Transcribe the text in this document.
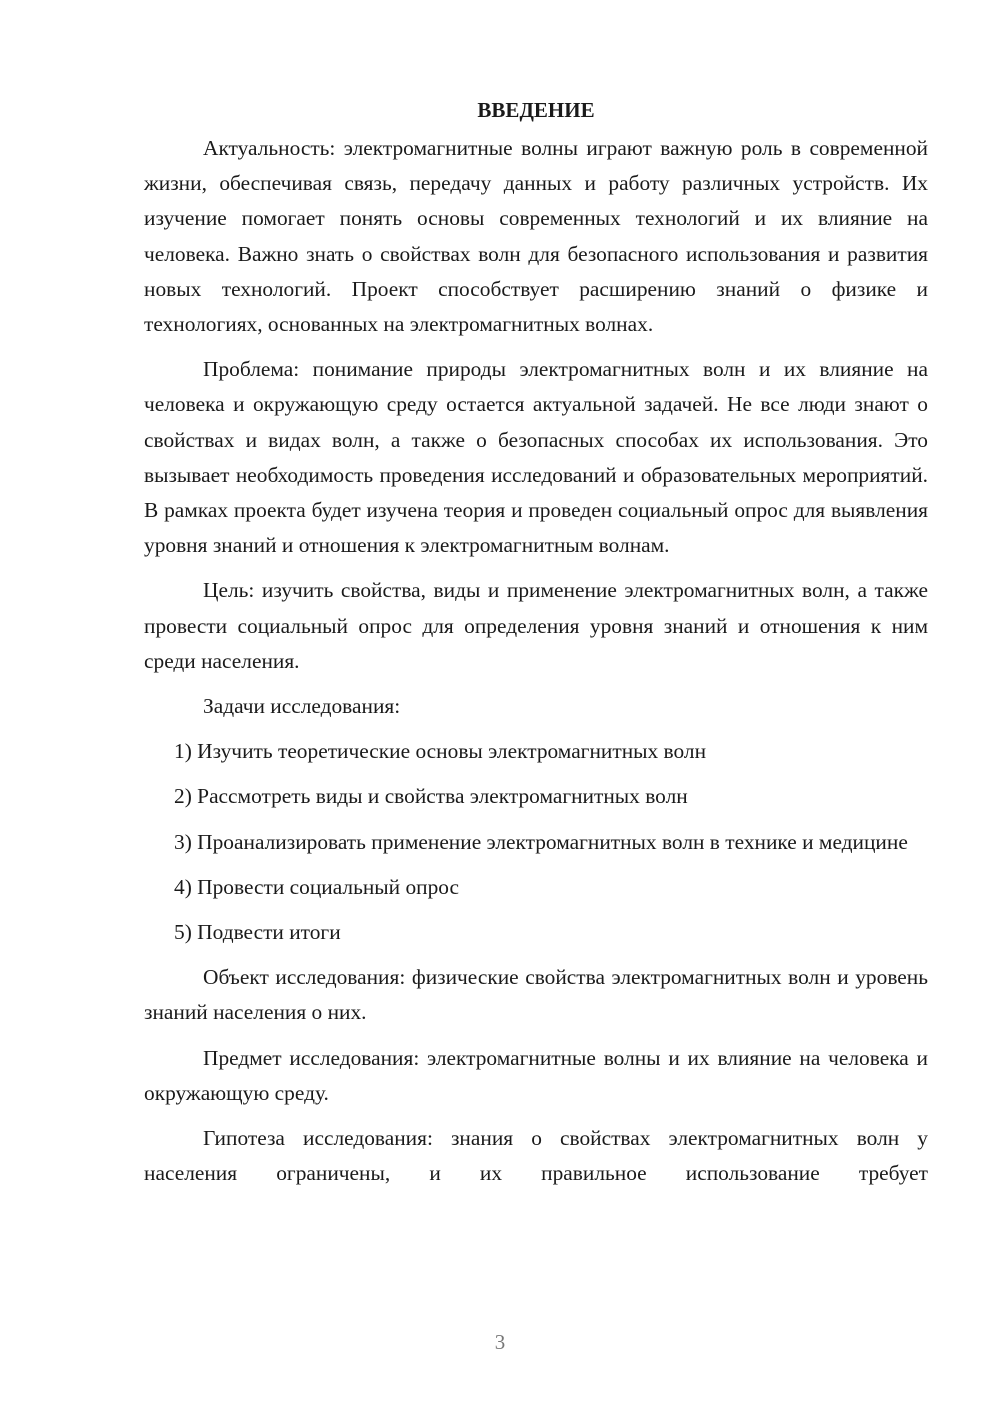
ВВЕДЕНИЕ

Актуальность: электромагнитные волны играют важную роль в современной жизни, обеспечивая связь, передачу данных и работу различных устройств. Их изучение помогает понять основы современных технологий и их влияние на человека. Важно знать о свойствах волн для безопасного использования и развития новых технологий. Проект способствует расширению знаний о физике и технологиях, основанных на электромагнитных волнах.

Проблема: понимание природы электромагнитных волн и их влияние на человека и окружающую среду остается актуальной задачей. Не все люди знают о свойствах и видах волн, а также о безопасных способах их использования. Это вызывает необходимость проведения исследований и образовательных мероприятий. В рамках проекта будет изучена теория и проведен социальный опрос для выявления уровня знаний и отношения к электромагнитным волнам.

Цель: изучить свойства, виды и применение электромагнитных волн, а также провести социальный опрос для определения уровня знаний и отношения к ним среди населения.

Задачи исследования:

1) Изучить теоретические основы электромагнитных волн

2) Рассмотреть виды и свойства электромагнитных волн

3) Проанализировать применение электромагнитных волн в технике и медицине

4) Провести социальный опрос

5) Подвести итоги

Объект исследования: физические свойства электромагнитных волн и уровень знаний населения о них.

Предмет исследования: электромагнитные волны и их влияние на человека и окружающую среду.

Гипотеза исследования: знания о свойствах электромагнитных волн у населения ограничены, и их правильное использование требует

3
